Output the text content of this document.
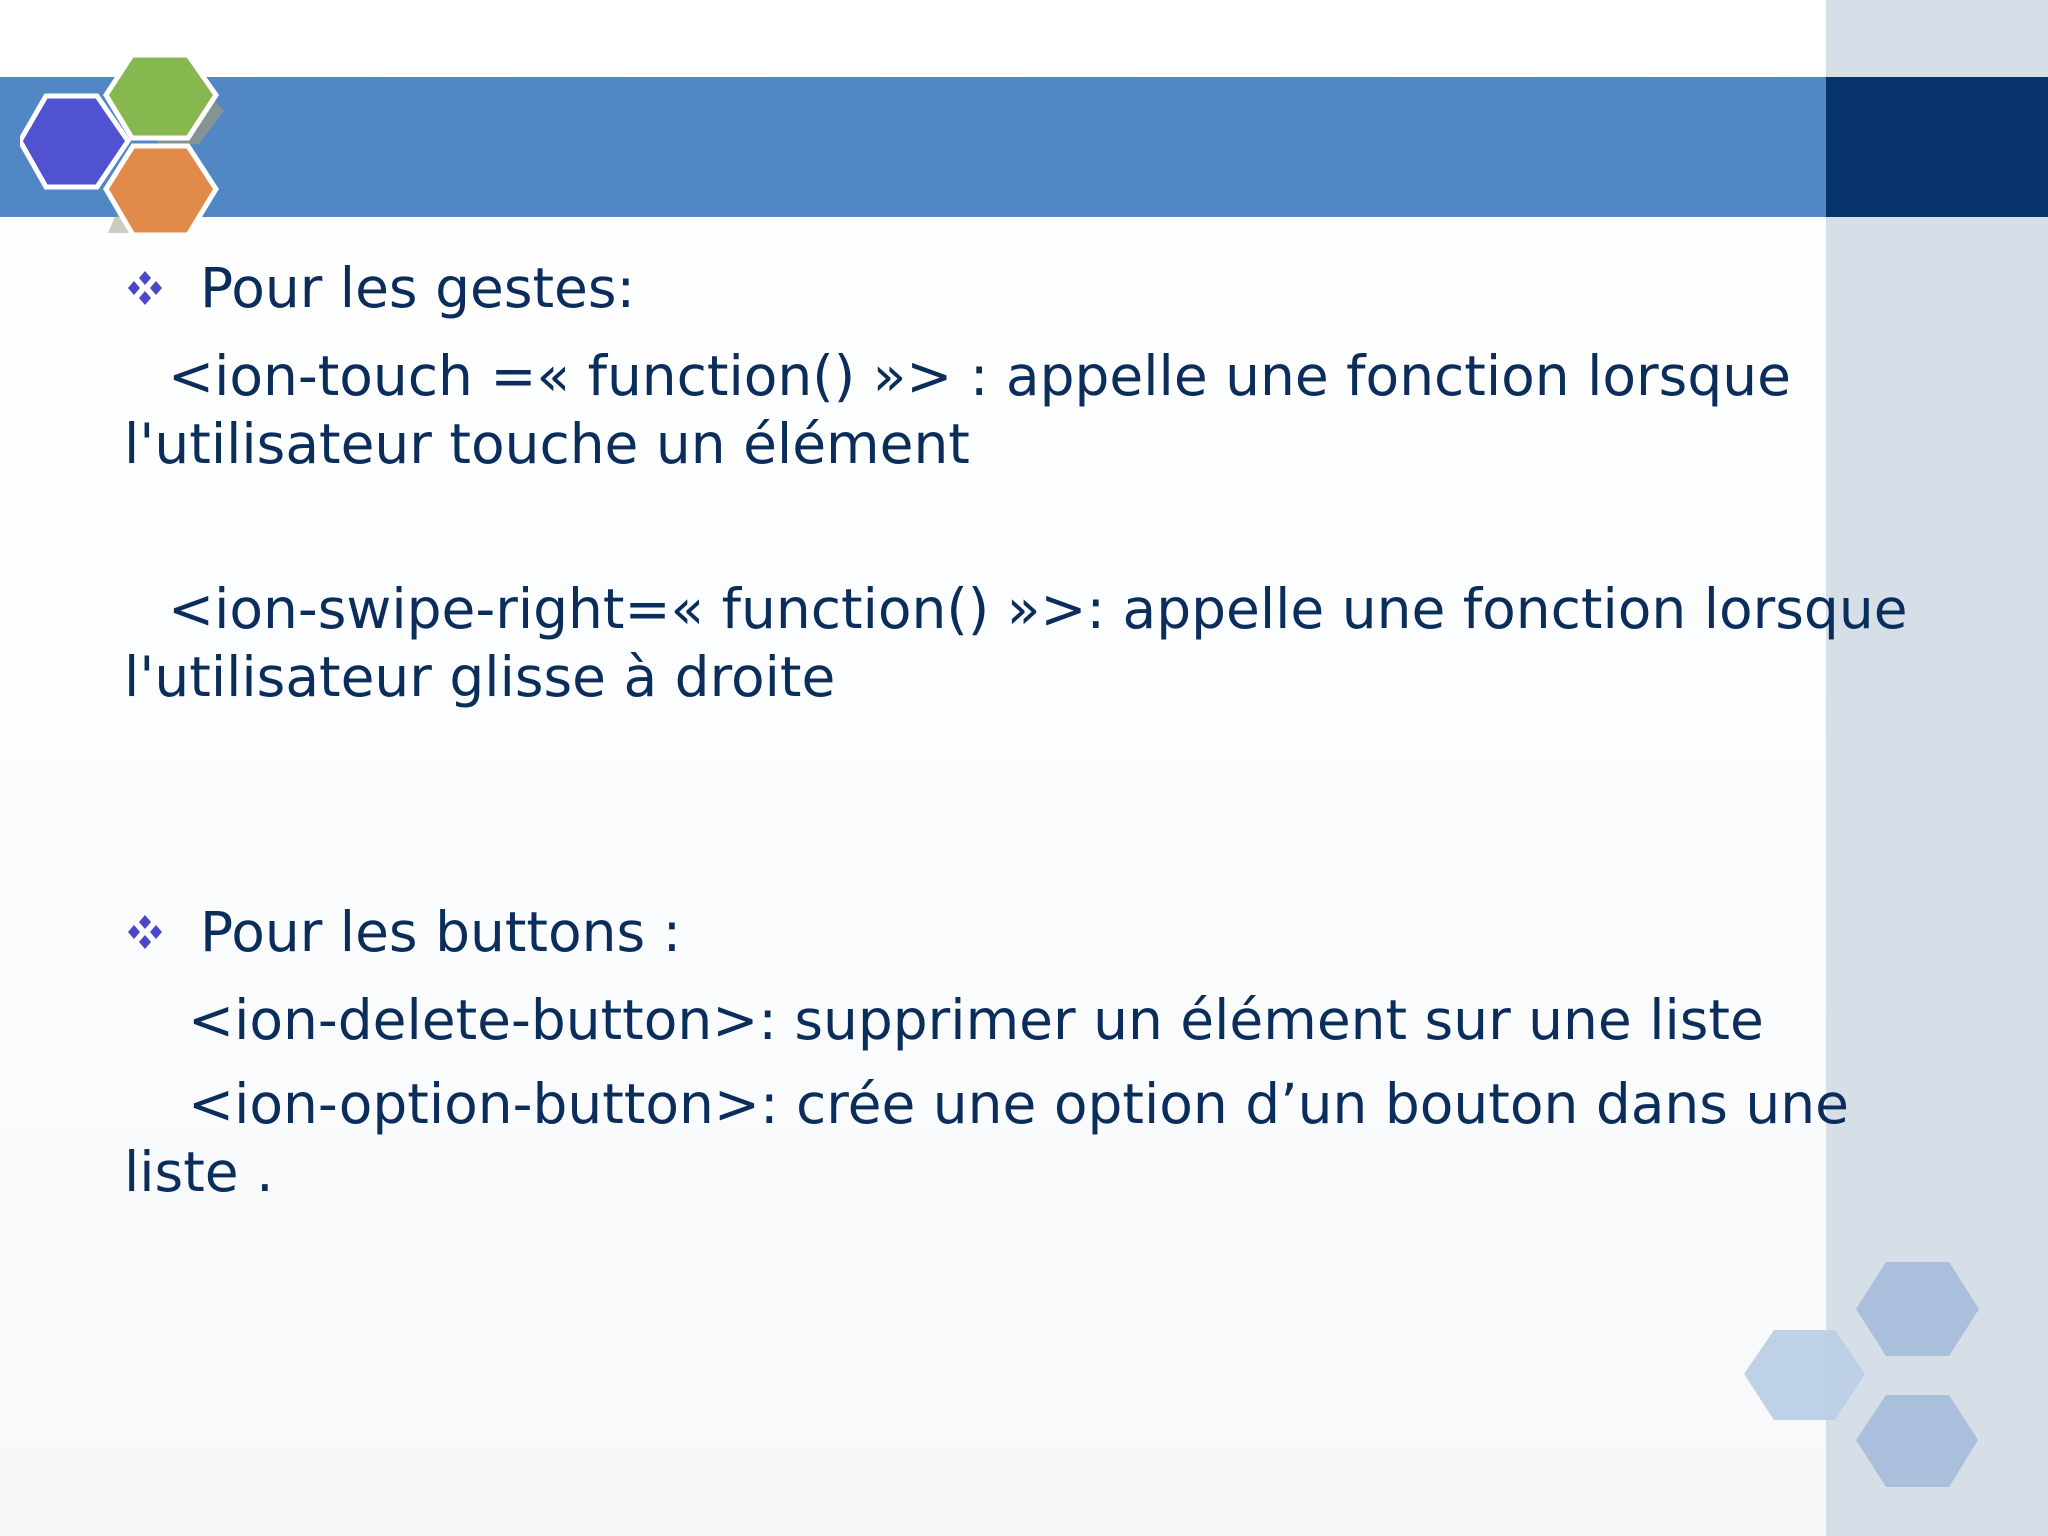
Pour les gestes:
<ion-touch =« function() »> : appelle une fonction lorsque l'utilisateur touche un élément
<ion-swipe-right=« function() »>: appelle une fonction lorsque l'utilisateur glisse à droite
Pour les buttons :
<ion-delete-button>: supprimer un élément sur une liste
<ion-option-button>: crée une option d’un bouton dans une liste .
